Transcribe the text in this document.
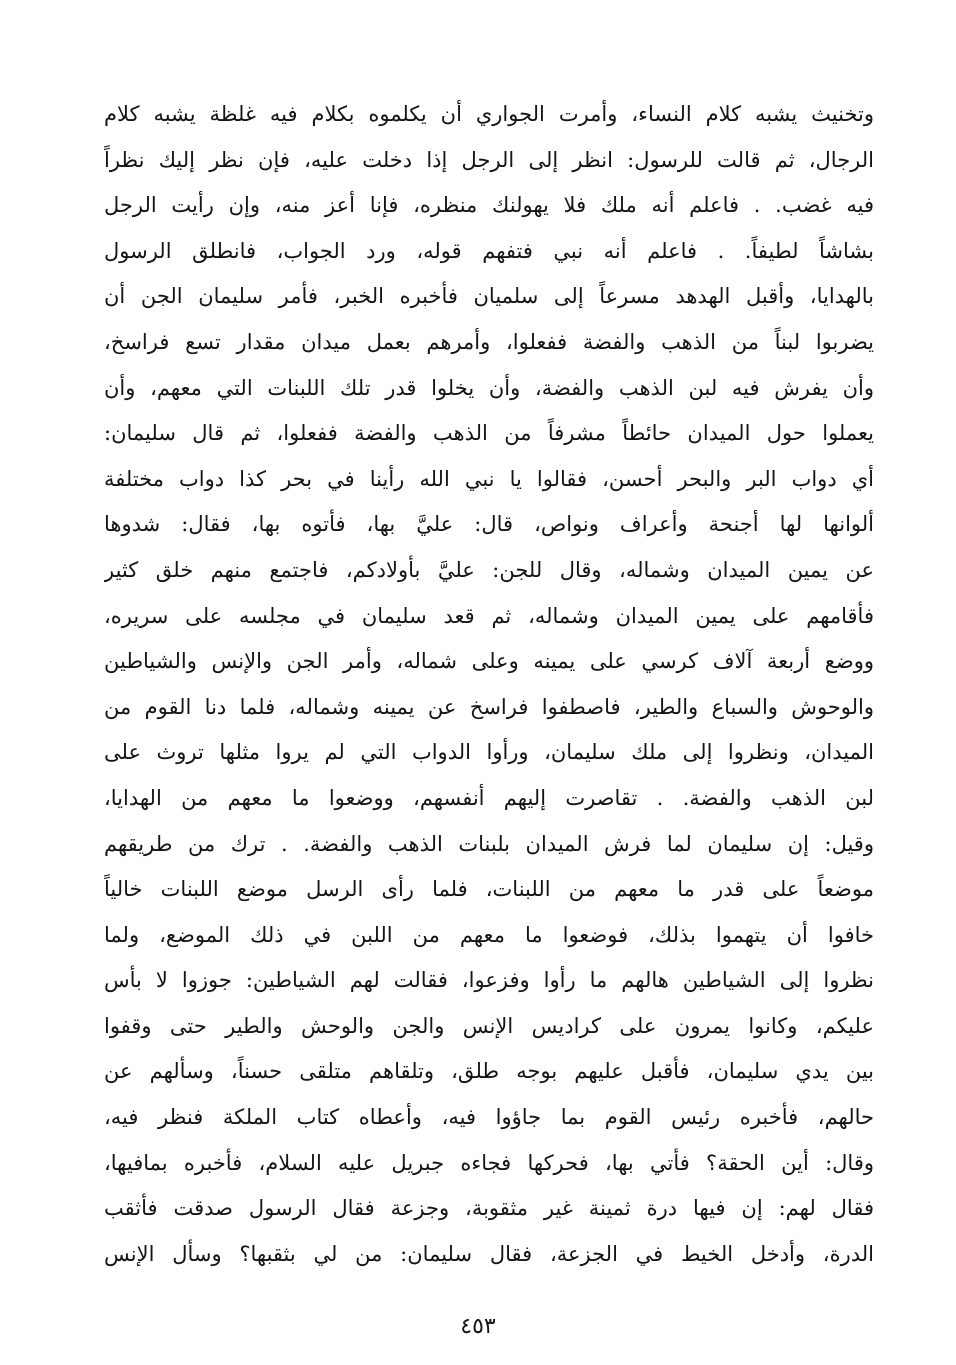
وتخنيث يشبه كلام النساء، وأمرت الجواري أن يكلموه بكلام فيه غلظة يشبه كلام
الرجال، ثم قالت للرسول: انظر إلى الرجل إذا دخلت عليه، فإن نظر إليك نظراً
فيه غضب. . فاعلم أنه ملك فلا يهولنك منظره، فإنا أعز منه، وإن رأيت الرجل
بشاشاً لطيفاً. . فاعلم أنه نبي فتفهم قوله، ورد الجواب، فانطلق الرسول
بالهدايا، وأقبل الهدهد مسرعاً إلى سلميان فأخبره الخبر، فأمر سليمان الجن أن
يضربوا لبناً من الذهب والفضة ففعلوا، وأمرهم بعمل ميدان مقدار تسع فراسخ،
وأن يفرش فيه لبن الذهب والفضة، وأن يخلوا قدر تلك اللبنات التي معهم، وأن
يعملوا حول الميدان حائطاً مشرفاً من الذهب والفضة ففعلوا، ثم قال سليمان:
أي دواب البر والبحر أحسن، فقالوا يا نبي الله رأينا في بحر كذا دواب مختلفة
ألوانها لها أجنحة وأعراف ونواص، قال: عليَّ بها، فأتوه بها، فقال: شدوها
عن يمين الميدان وشماله، وقال للجن: عليَّ بأولادكم، فاجتمع منهم خلق كثير
فأقامهم على يمين الميدان وشماله، ثم قعد سليمان في مجلسه على سريره،
ووضع أربعة آلاف كرسي على يمينه وعلى شماله، وأمر الجن والإنس والشياطين
والوحوش والسباع والطير، فاصطفوا فراسخ عن يمينه وشماله، فلما دنا القوم من
الميدان، ونظروا إلى ملك سليمان، ورأوا الدواب التي لم يروا مثلها تروث على
لبن الذهب والفضة. . تقاصرت إليهم أنفسهم، ووضعوا ما معهم من الهدايا،
وقيل: إن سليمان لما فرش الميدان بلبنات الذهب والفضة. . ترك من طريقهم
موضعاً على قدر ما معهم من اللبنات، فلما رأى الرسل موضع اللبنات خالياً
خافوا أن يتهموا بذلك، فوضعوا ما معهم من اللبن في ذلك الموضع، ولما
نظروا إلى الشياطين هالهم ما رأوا وفزعوا، فقالت لهم الشياطين: جوزوا لا بأس
عليكم، وكانوا يمرون على كراديس الإنس والجن والوحش والطير حتى وقفوا
بين يدي سليمان، فأقبل عليهم بوجه طلق، وتلقاهم متلقى حسناً، وسألهم عن
حالهم، فأخبره رئيس القوم بما جاؤوا فيه، وأعطاه كتاب الملكة فنظر فيه،
وقال: أين الحقة؟ فأتي بها، فحركها فجاءه جبريل عليه السلام، فأخبره بمافيها،
فقال لهم: إن فيها درة ثمينة غير مثقوبة، وجزعة فقال الرسول صدقت فأثقب
الدرة، وأدخل الخيط في الجزعة، فقال سليمان: من لي بثقبها؟ وسأل الإنس
٤٥٣
